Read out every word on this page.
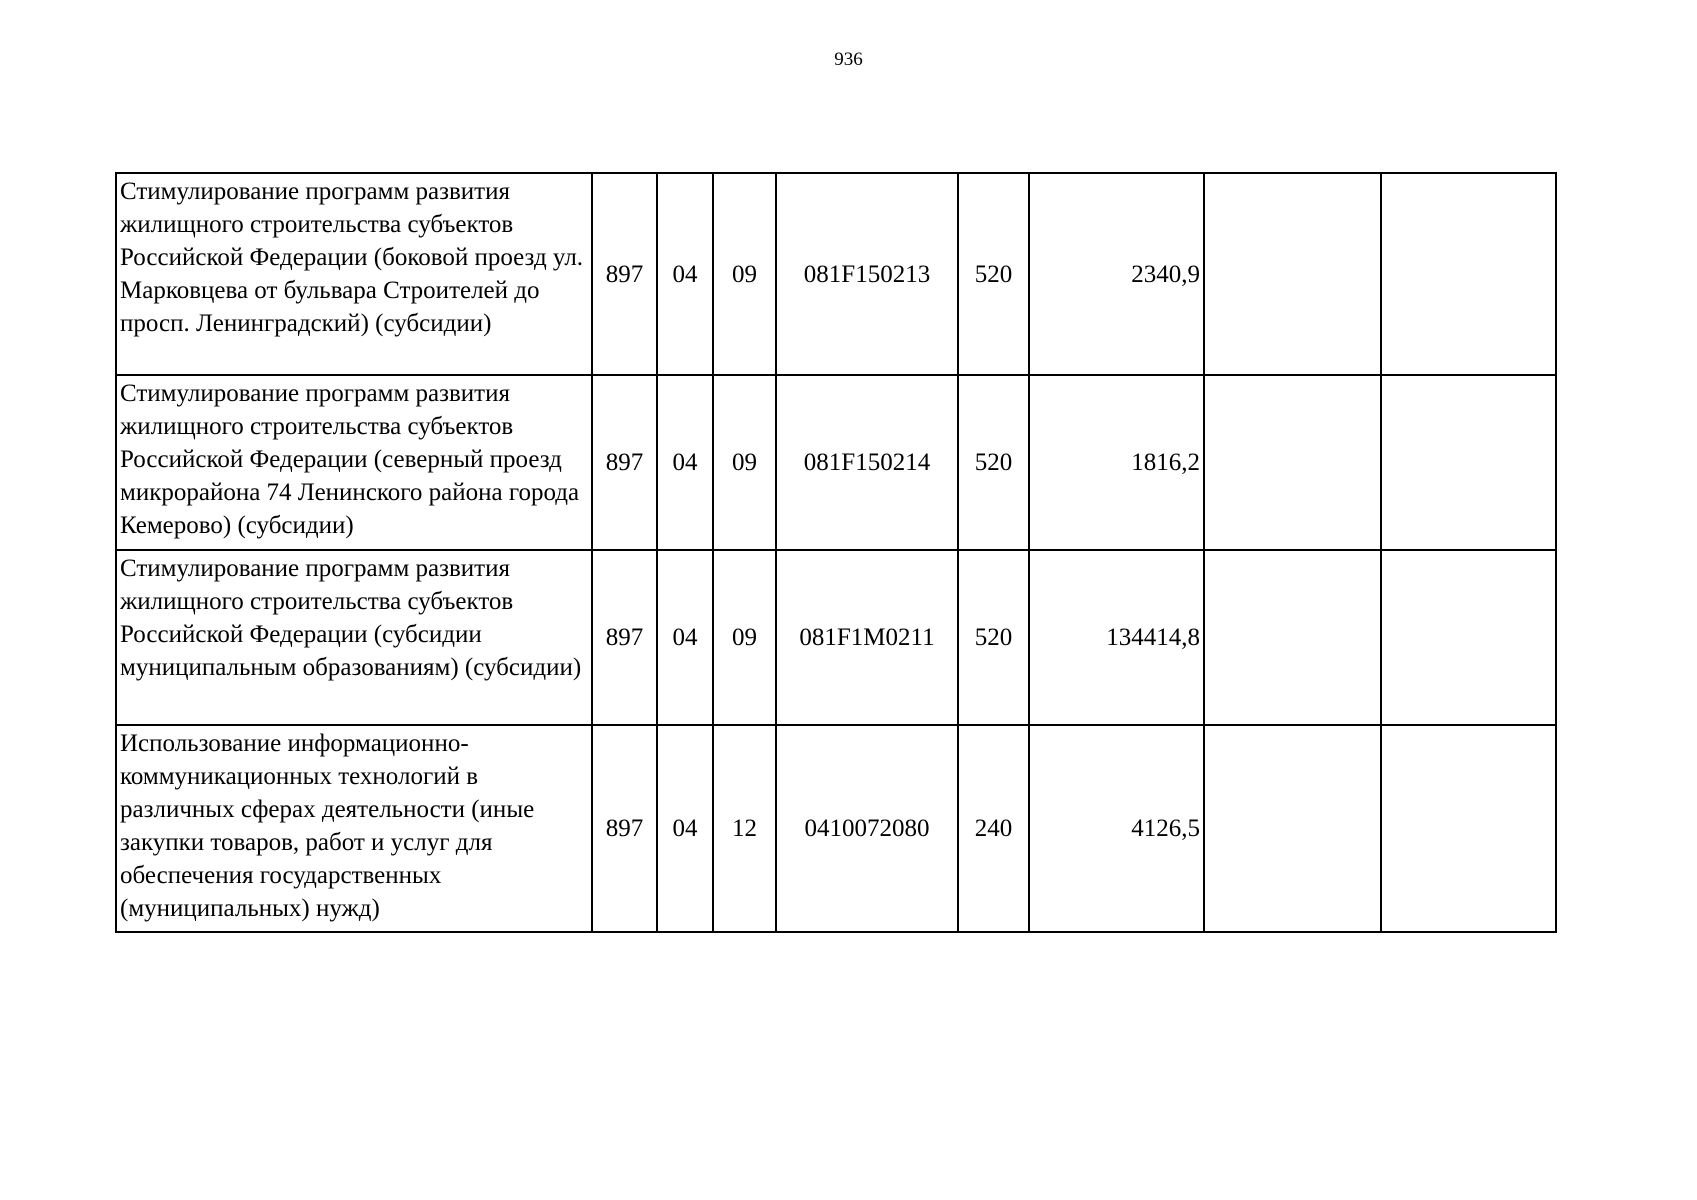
936
Стимулирование программ развития жилищного строительства субъектов Российской Федерации (боковой проезд ул. Марковцева от бульвара Строителей до просп. Ленинградский) (субсидии)	897	04	09	081F150213	520	2340,9		
Стимулирование программ развития жилищного строительства субъектов Российской Федерации (северный проезд микрорайона 74 Ленинского района города Кемерово) (субсидии)	897	04	09	081F150214	520	1816,2		
Стимулирование программ развития жилищного строительства субъектов Российской Федерации (субсидии муниципальным образованиям) (субсидии)	897	04	09	081F1M0211	520	134414,8		
Использование информационно-коммуникационных технологий в различных сферах деятельности (иные закупки товаров, работ и услуг для обеспечения государственных (муниципальных) нужд)	897	04	12	0410072080	240	4126,5		
